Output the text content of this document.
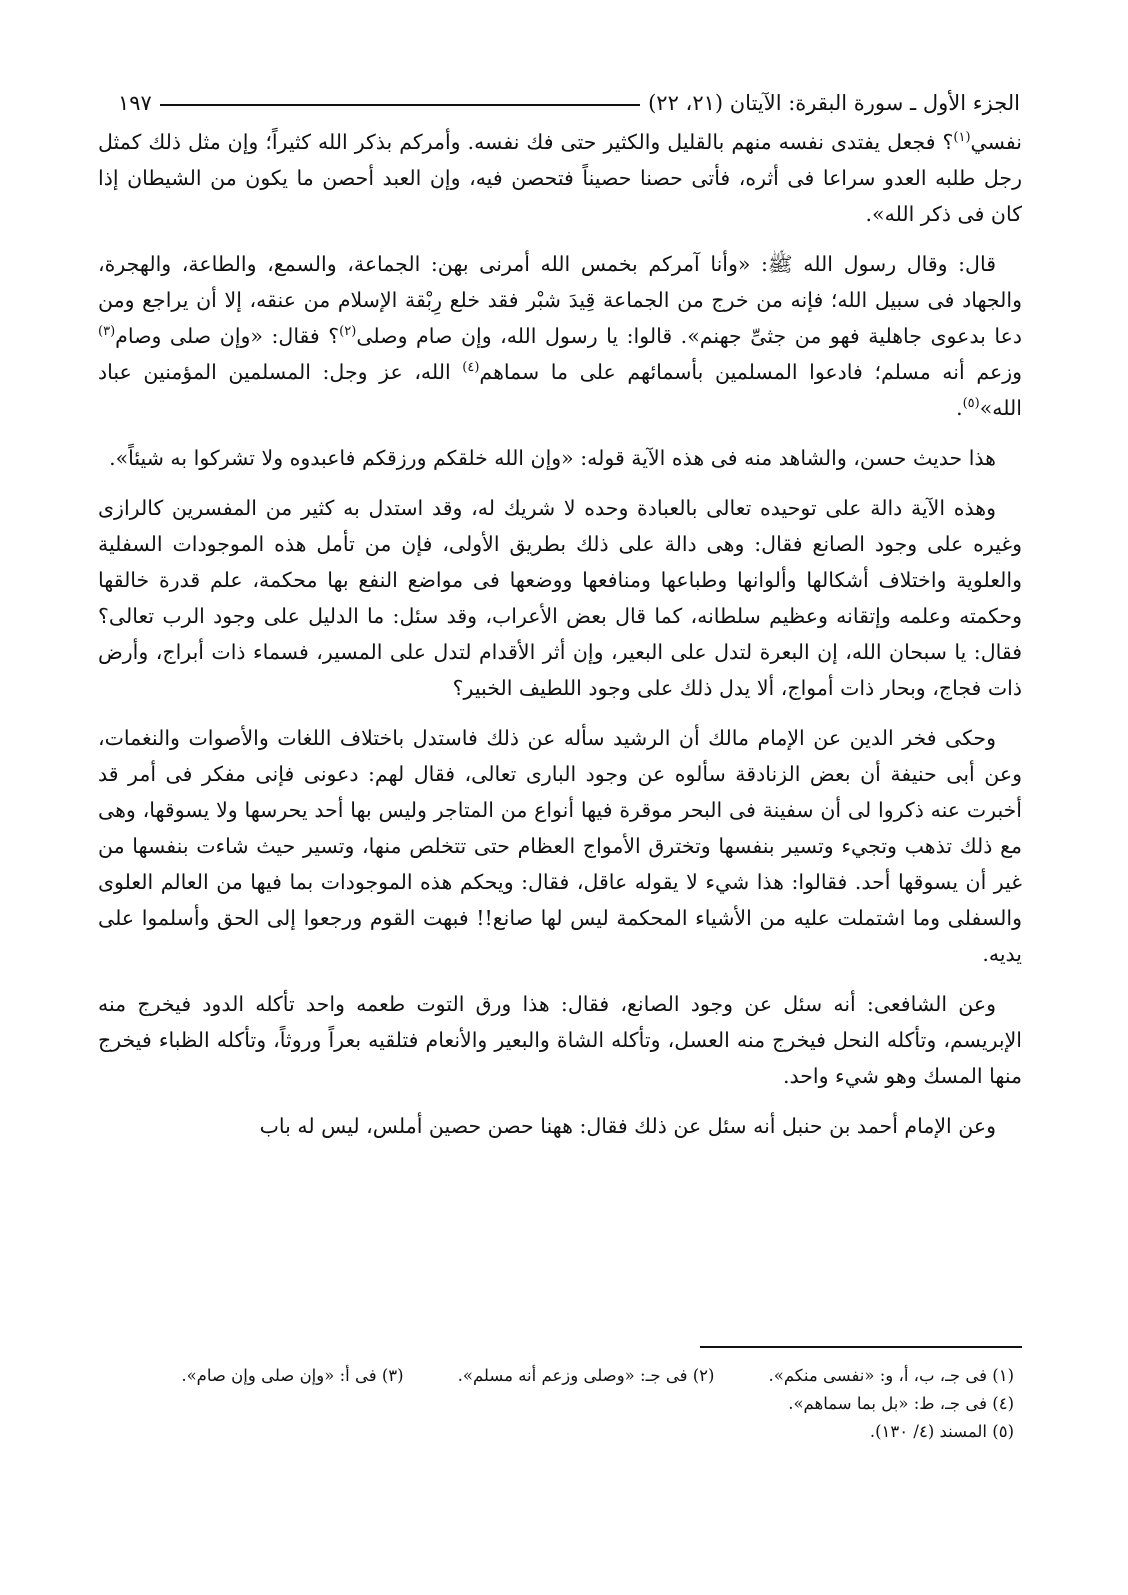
الجزء الأول ـ سورة البقرة: الآيتان (٢١، ٢٢)
١٩٧

نفسي$^{(١)}$؟ فجعل يفتدى نفسه منهم بالقليل والكثير حتى فك نفسه. وأمركم بذكر الله كثيراً؛ وإن مثل ذلك كمثل رجل طلبه العدو سراعا فى أثره، فأتى حصنا حصيناً فتحصن فيه، وإن العبد أحصن ما يكون من الشيطان إذا كان فى ذكر الله».

قال: وقال رسول الله ﷺ: «وأنا آمركم بخمس الله أمرنى بهن: الجماعة، والسمع، والطاعة، والهجرة، والجهاد فى سبيل الله؛ فإنه من خرج من الجماعة قِيدَ شبْر فقد خلع رِبْقة الإسلام من عنقه، إلا أن يراجع ومن دعا بدعوى جاهلية فهو من جثىِّ جهنم». قالوا: يا رسول الله، وإن صام وصلى$^{(٢)}$؟ فقال: «وإن صلى وصام$^{(٣)}$ وزعم أنه مسلم؛ فادعوا المسلمين بأسمائهم على ما سماهم$^{(٤)}$ الله، عز وجل: المسلمين المؤمنين عباد الله»$^{(٥)}$.

هذا حديث حسن، والشاهد منه فى هذه الآية قوله: «وإن الله خلقكم ورزقكم فاعبدوه ولا تشركوا به شيئاً».

وهذه الآية دالة على توحيده تعالى بالعبادة وحده لا شريك له، وقد استدل به كثير من المفسرين كالرازى وغيره على وجود الصانع فقال: وهى دالة على ذلك بطريق الأولى، فإن من تأمل هذه الموجودات السفلية والعلوية واختلاف أشكالها وألوانها وطباعها ومنافعها ووضعها فى مواضع النفع بها محكمة، علم قدرة خالقها وحكمته وعلمه وإتقانه وعظيم سلطانه، كما قال بعض الأعراب، وقد سئل: ما الدليل على وجود الرب تعالى؟ فقال: يا سبحان الله، إن البعرة لتدل على البعير، وإن أثر الأقدام لتدل على المسير، فسماء ذات أبراج، وأرض ذات فجاج، وبحار ذات أمواج، ألا يدل ذلك على وجود اللطيف الخبير؟

وحكى فخر الدين عن الإمام مالك أن الرشيد سأله عن ذلك فاستدل باختلاف اللغات والأصوات والنغمات، وعن أبى حنيفة أن بعض الزنادقة سألوه عن وجود البارى تعالى، فقال لهم: دعونى فإنى مفكر فى أمر قد أخبرت عنه ذكروا لى أن سفينة فى البحر موقرة فيها أنواع من المتاجر وليس بها أحد يحرسها ولا يسوقها، وهى مع ذلك تذهب وتجيء وتسير بنفسها وتخترق الأمواج العظام حتى تتخلص منها، وتسير حيث شاءت بنفسها من غير أن يسوقها أحد. فقالوا: هذا شيء لا يقوله عاقل، فقال: ويحكم هذه الموجودات بما فيها من العالم العلوى والسفلى وما اشتملت عليه من الأشياء المحكمة ليس لها صانع!! فبهت القوم ورجعوا إلى الحق وأسلموا على يديه.

وعن الشافعى: أنه سئل عن وجود الصانع، فقال: هذا ورق التوت طعمه واحد تأكله الدود فيخرج منه الإبريسم، وتأكله النحل فيخرج منه العسل، وتأكله الشاة والبعير والأنعام فتلقيه بعراً وروثاً، وتأكله الظباء فيخرج منها المسك وهو شيء واحد.

وعن الإمام أحمد بن حنبل أنه سئل عن ذلك فقال: ههنا حصن حصين أملس، ليس له باب

(١) فى جـ، ب، أ، و: «نفسى منكم».
(٢) فى جـ: «وصلى وزعم أنه مسلم».
(٣) فى أ: «وإن صلى وإن صام».
(٤) فى جـ، ط: «بل بما سماهم».
(٥) المسند (٤/ ١٣٠).
